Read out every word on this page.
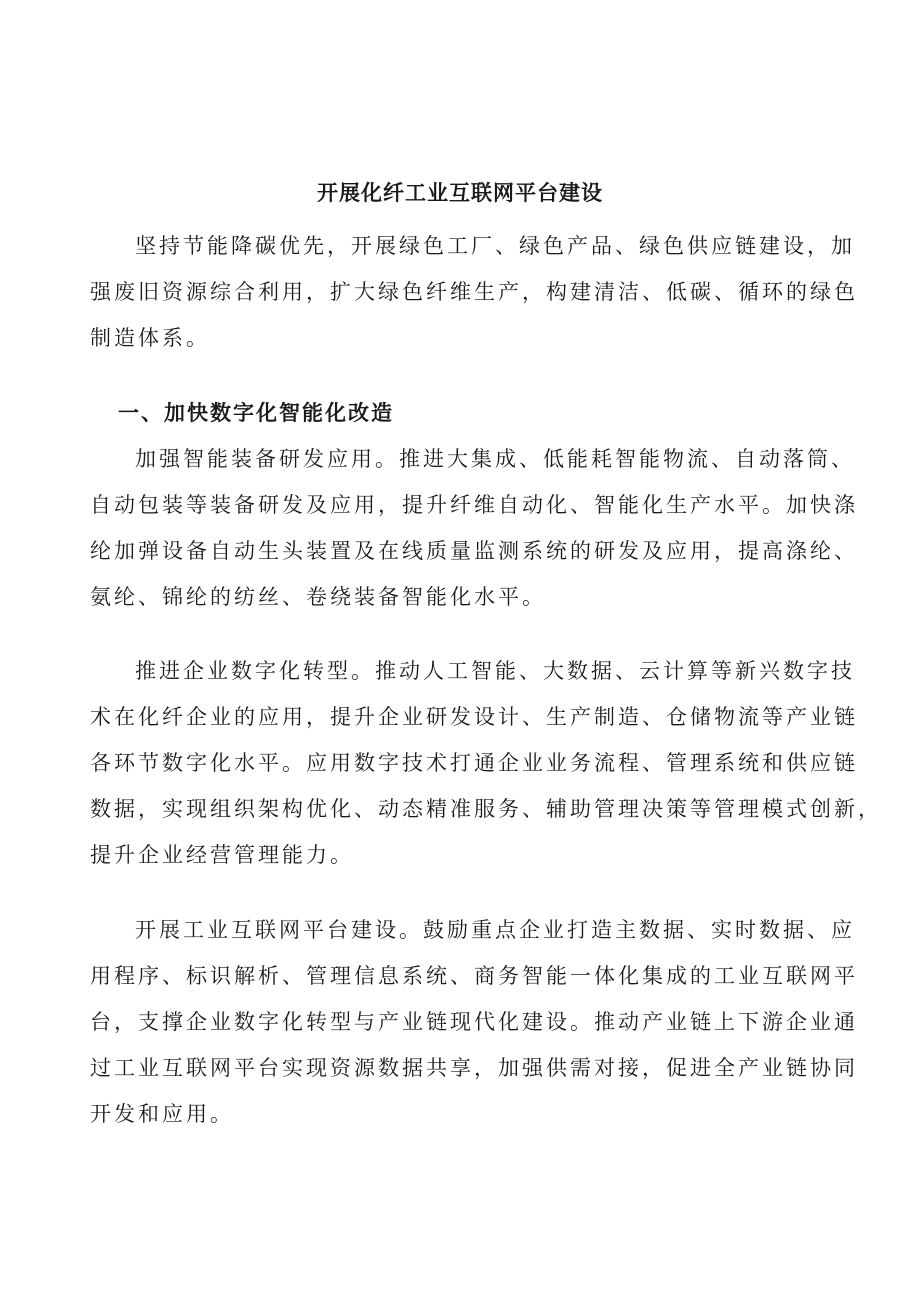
开展化纤工业互联网平台建设

坚持节能降碳优先，开展绿色工厂、绿色产品、绿色供应链建设，加
强废旧资源综合利用，扩大绿色纤维生产，构建清洁、低碳、循环的绿色
制造体系。

一、加快数字化智能化改造

加强智能装备研发应用。推进大集成、低能耗智能物流、自动落筒、
自动包装等装备研发及应用，提升纤维自动化、智能化生产水平。加快涤
纶加弹设备自动生头装置及在线质量监测系统的研发及应用，提高涤纶、
氨纶、锦纶的纺丝、卷绕装备智能化水平。

推进企业数字化转型。推动人工智能、大数据、云计算等新兴数字技
术在化纤企业的应用，提升企业研发设计、生产制造、仓储物流等产业链
各环节数字化水平。应用数字技术打通企业业务流程、管理系统和供应链
数据，实现组织架构优化、动态精准服务、辅助管理决策等管理模式创新，
提升企业经营管理能力。

开展工业互联网平台建设。鼓励重点企业打造主数据、实时数据、应
用程序、标识解析、管理信息系统、商务智能一体化集成的工业互联网平
台，支撑企业数字化转型与产业链现代化建设。推动产业链上下游企业通
过工业互联网平台实现资源数据共享，加强供需对接，促进全产业链协同
开发和应用。
